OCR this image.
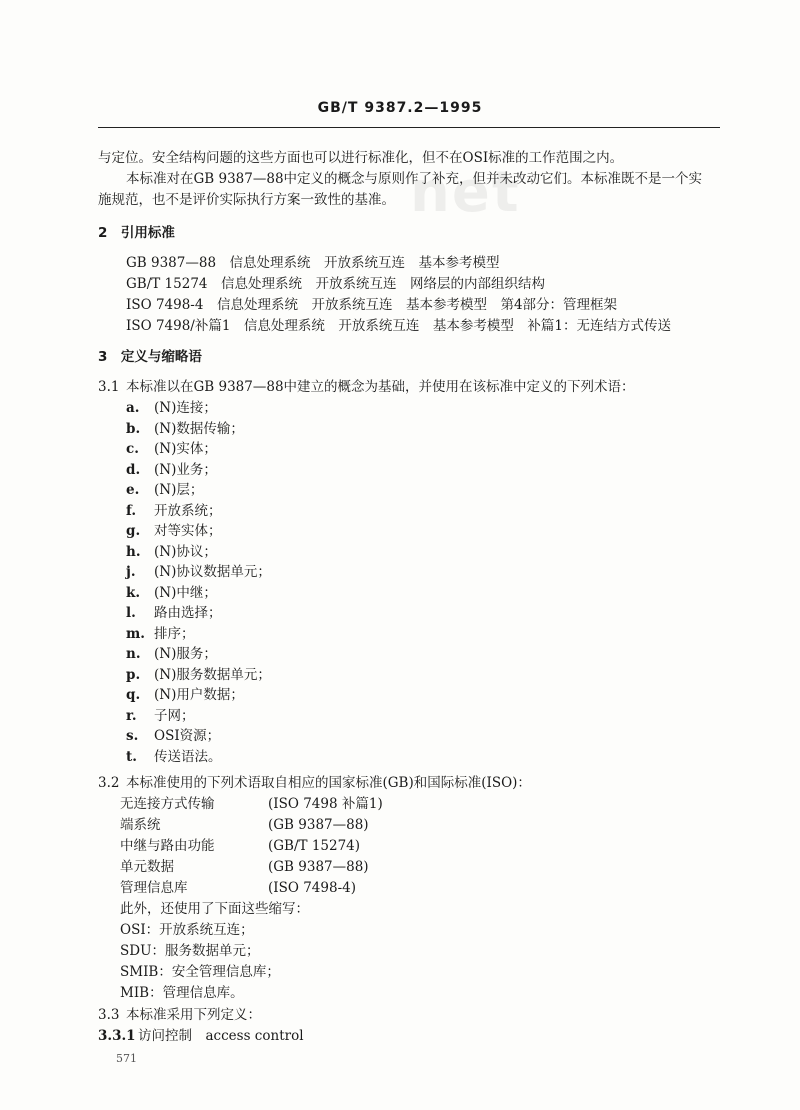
net
GB/T 9387.2—1995
与定位。安全结构问题的这些方面也可以进行标准化，但不在OSI标准的工作范围之内。
本标准对在GB 9387—88中定义的概念与原则作了补充，但并未改动它们。本标准既不是一个实
施规范，也不是评价实际执行方案一致性的基准。
2　引用标准
GB 9387—88　信息处理系统　开放系统互连　基本参考模型
GB/T 15274　信息处理系统　开放系统互连　网络层的内部组织结构
ISO 7498-4　信息处理系统　开放系统互连　基本参考模型　第4部分：管理框架
ISO 7498/补篇1　信息处理系统　开放系统互连　基本参考模型　补篇1：无连结方式传送
3　定义与缩略语
3.1 本标准以在GB 9387—88中建立的概念为基础，并使用在该标准中定义的下列术语：
a. (N)连接；
b. (N)数据传输；
c. (N)实体；
d. (N)业务；
e. (N)层；
f. 开放系统；
g. 对等实体；
h. (N)协议；
j. (N)协议数据单元；
k. (N)中继；
l. 路由选择；
m. 排序；
n. (N)服务；
p. (N)服务数据单元；
q. (N)用户数据；
r. 子网；
s. OSI资源；
t. 传送语法。
3.2 本标准使用的下列术语取自相应的国家标准(GB)和国际标准(ISO)：
无连接方式传输	(ISO 7498 补篇1)
端系统	(GB 9387—88)
中继与路由功能	(GB/T 15274)
单元数据	(GB 9387—88)
管理信息库	(ISO 7498-4)
此外，还使用了下面这些缩写：
OSI：开放系统互连；
SDU：服务数据单元；
SMIB：安全管理信息库；
MIB：管理信息库。
3.3 本标准采用下列定义：
3.3.1 访问控制　access control
571
